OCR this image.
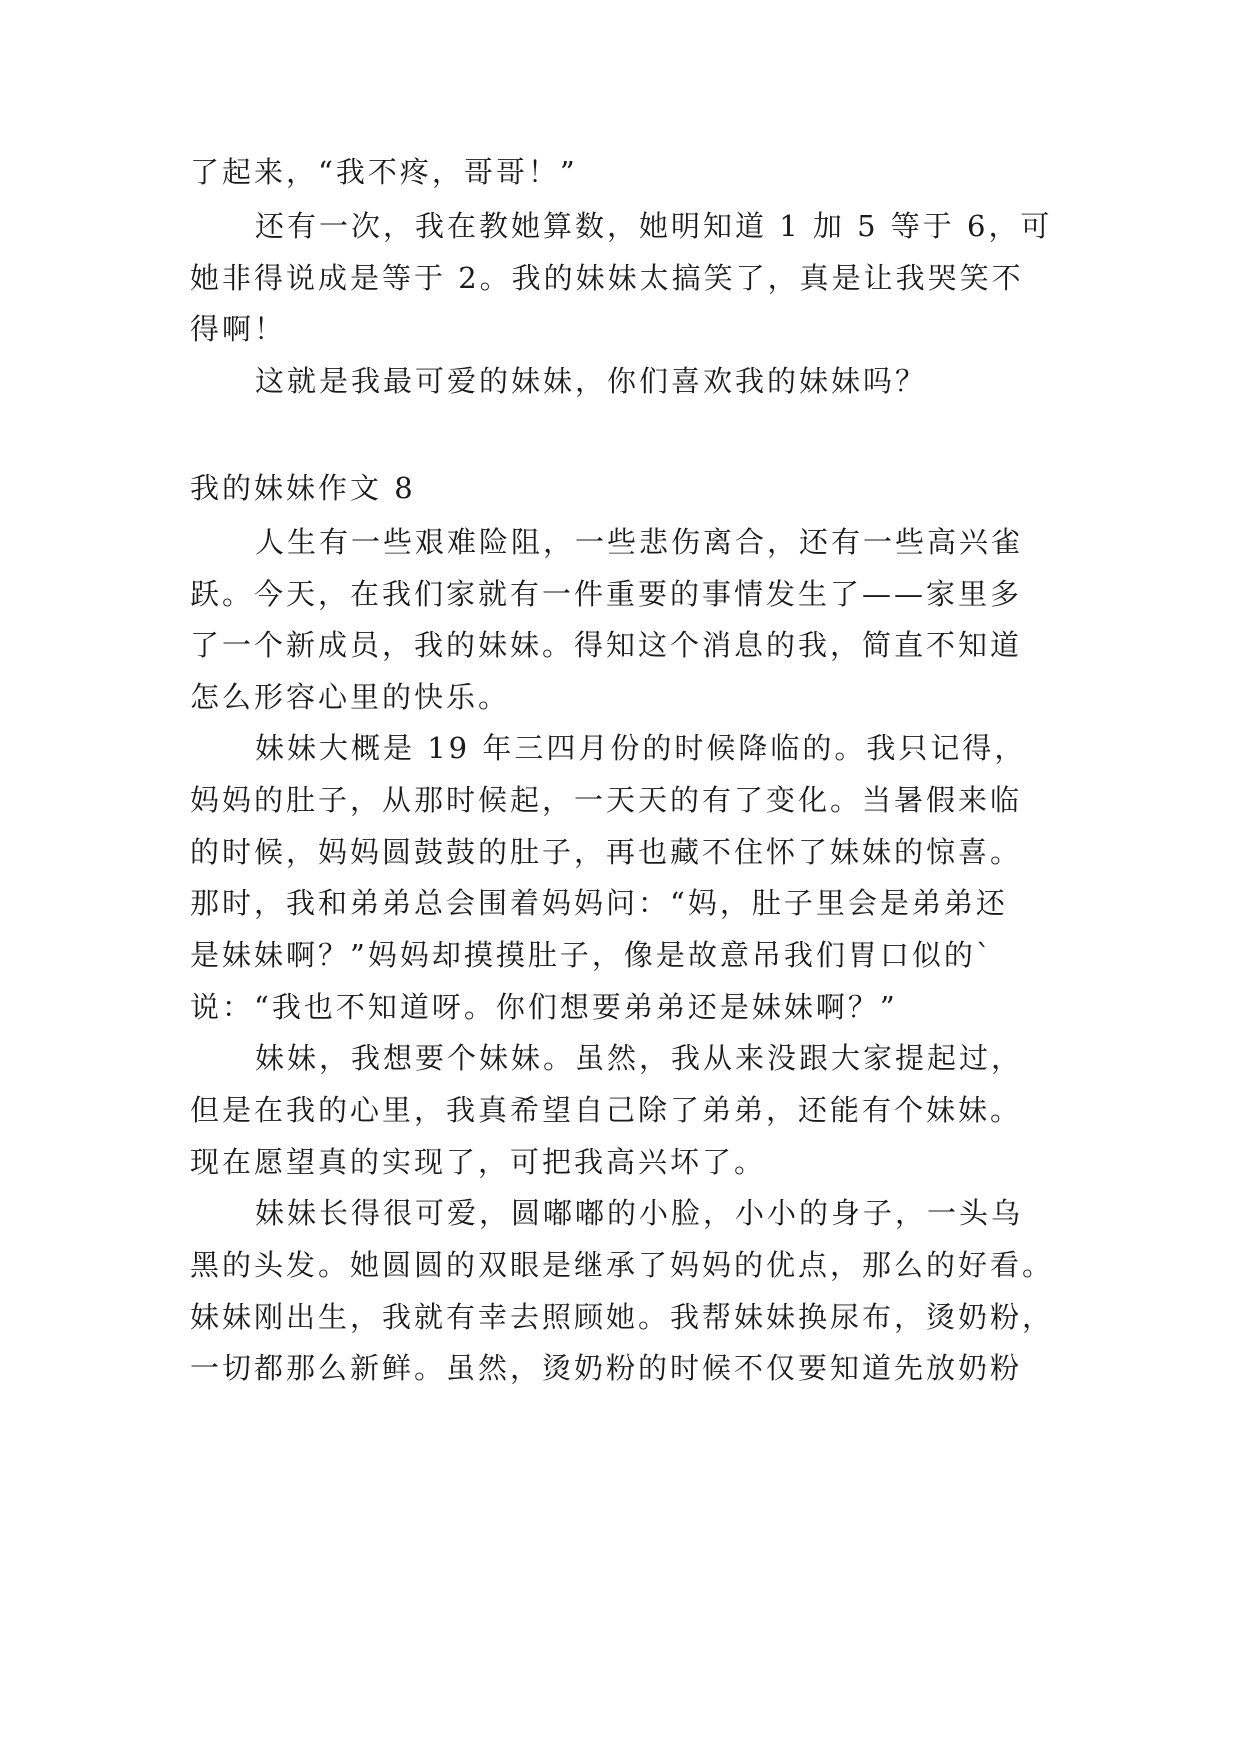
了起来，“我不疼，哥哥！”
还有一次，我在教她算数，她明知道 1 加 5 等于 6，可
她非得说成是等于 2。我的妹妹太搞笑了，真是让我哭笑不
得啊！
这就是我最可爱的妹妹，你们喜欢我的妹妹吗？
我的妹妹作文 8
人生有一些艰难险阻，一些悲伤离合，还有一些高兴雀
跃。今天，在我们家就有一件重要的事情发生了——家里多
了一个新成员，我的妹妹。得知这个消息的我，简直不知道
怎么形容心里的快乐。
妹妹大概是 19 年三四月份的时候降临的。我只记得，
妈妈的肚子，从那时候起，一天天的有了变化。当暑假来临
的时候，妈妈圆鼓鼓的肚子，再也藏不住怀了妹妹的惊喜。
那时，我和弟弟总会围着妈妈问：“妈，肚子里会是弟弟还
是妹妹啊？”妈妈却摸摸肚子，像是故意吊我们胃口似的`
说：“我也不知道呀。你们想要弟弟还是妹妹啊？”
妹妹，我想要个妹妹。虽然，我从来没跟大家提起过，
但是在我的心里，我真希望自己除了弟弟，还能有个妹妹。
现在愿望真的实现了，可把我高兴坏了。
妹妹长得很可爱，圆嘟嘟的小脸，小小的身子，一头乌
黑的头发。她圆圆的双眼是继承了妈妈的优点，那么的好看。
妹妹刚出生，我就有幸去照顾她。我帮妹妹换尿布，烫奶粉，
一切都那么新鲜。虽然，烫奶粉的时候不仅要知道先放奶粉
